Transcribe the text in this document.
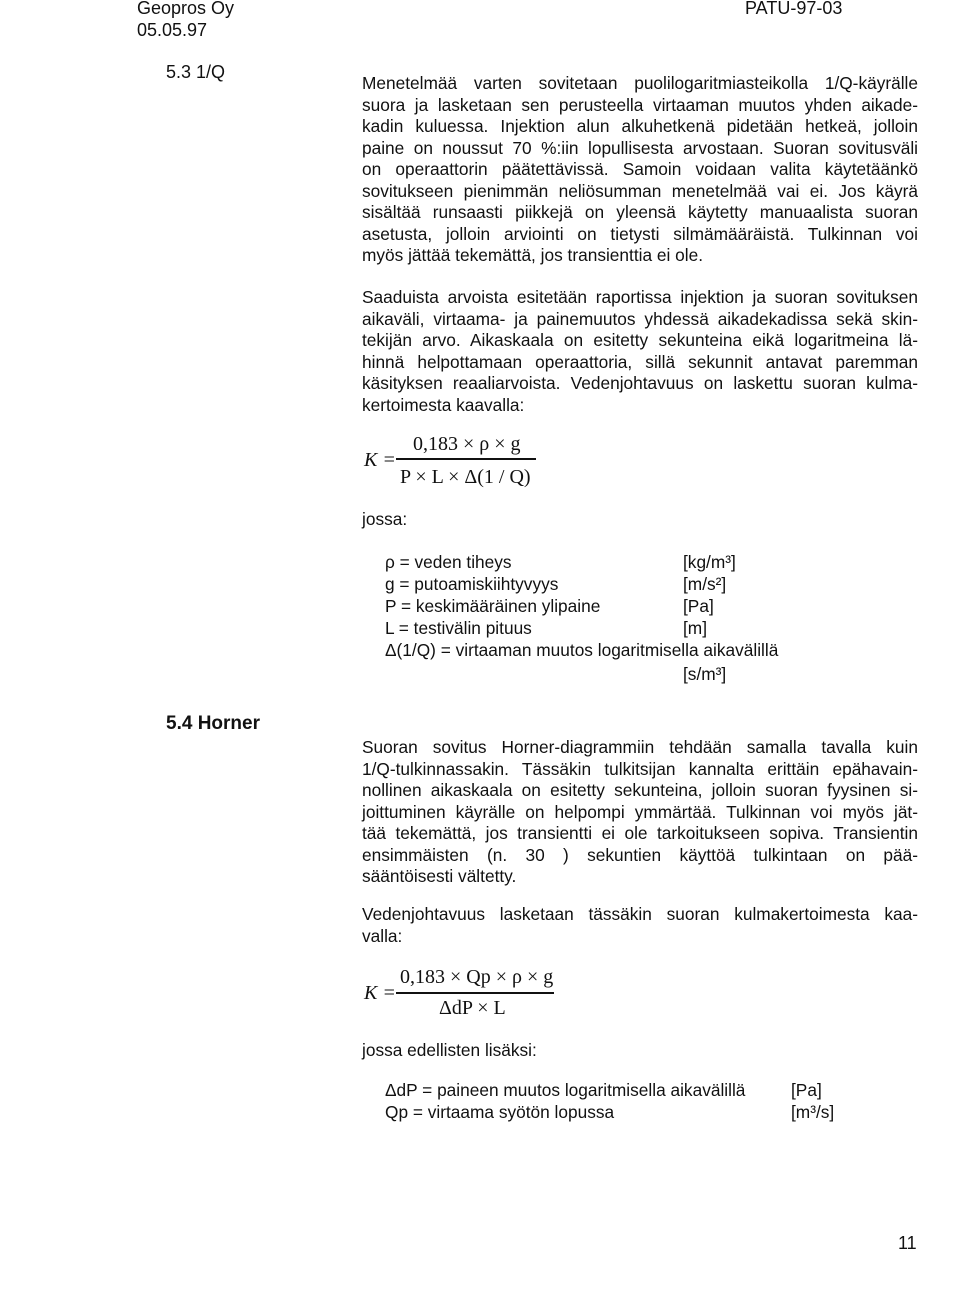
Geopros Oy
05.05.97
PATU-97-03
5.3 1/Q
Menetelmää varten sovitetaan puolilogaritmiasteikolla 1/Q-käyrälle
suora ja lasketaan sen perusteella virtaaman muutos yhden aikade-
kadin kuluessa. Injektion alun alkuhetkenä pidetään hetkeä, jolloin
paine on noussut 70 %:iin lopullisesta arvostaan. Suoran sovitusväli
on operaattorin päätettävissä. Samoin voidaan valita käytetäänkö
sovitukseen pienimmän neliösumman menetelmää vai ei. Jos käyrä
sisältää runsaasti piikkejä on yleensä käytetty manuaalista suoran
asetusta, jolloin arviointi on tietysti silmämääräistä. Tulkinnan voi
myös jättää tekemättä, jos transienttia ei ole.
Saaduista arvoista esitetään raportissa injektion ja suoran sovituksen
aikaväli, virtaama- ja painemuutos yhdessä aikadekadissa sekä skin-
tekijän arvo. Aikaskaala on esitetty sekunteina eikä logaritmeina lä-
hinnä helpottamaan operaattoria, sillä sekunnit antavat paremman
käsityksen reaaliarvoista. Vedenjohtavuus on laskettu suoran kulma-
kertoimesta kaavalla:
K =
0,183 × ρ × g
P × L × Δ(1 / Q)
jossa:
ρ = veden tiheys	[kg/m³]
g = putoamiskiihtyvyys	[m/s²]
P = keskimääräinen ylipaine	[Pa]
L = testivälin pituus	[m]
Δ(1/Q) = virtaaman muutos logaritmisella aikavälillä
[s/m³]
5.4 Horner
Suoran sovitus Horner-diagrammiin tehdään samalla tavalla kuin
1/Q-tulkinnassakin. Tässäkin tulkitsijan kannalta erittäin epähavain-
nollinen aikaskaala on esitetty sekunteina, jolloin suoran fyysinen si-
joittuminen käyrälle on helpompi ymmärtää. Tulkinnan voi myös jät-
tää tekemättä, jos transientti ei ole tarkoitukseen sopiva. Transientin
ensimmäisten (n. 30 ) sekuntien käyttöä tulkintaan on pää-
sääntöisesti vältetty.
Vedenjohtavuus lasketaan tässäkin suoran kulmakertoimesta kaa-
valla:
K =
0,183 × Qp × ρ × g
ΔdP × L
jossa edellisten lisäksi:
ΔdP = paineen muutos logaritmisella aikavälillä	[Pa]
Qp = virtaama syötön lopussa	[m³/s]
11
